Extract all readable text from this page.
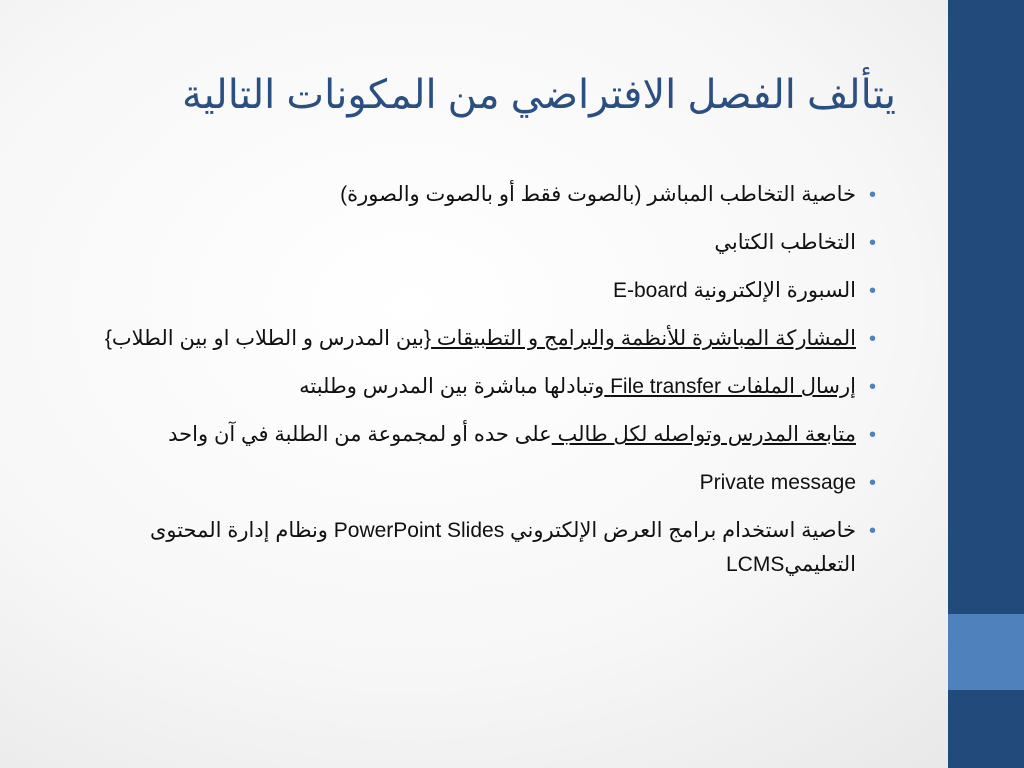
يتألف الفصل الافتراضي من المكونات التالية
• خاصية التخاطب المباشر (بالصوت فقط أو بالصوت والصورة)
• التخاطب الكتابي
• السبورة الإلكترونية E-board
• المشاركة المباشرة للأنظمة والبرامج و التطبيقات {بين المدرس و الطلاب او بين الطلاب}
• إرسال الملفات File transfer وتبادلها مباشرة بين المدرس وطلبته
• متابعة المدرس وتواصله لكل طالب على حده أو لمجموعة من الطلبة في آن واحد
• Private message
• خاصية استخدام برامج العرض الإلكتروني PowerPoint Slides ونظام إدارة المحتوى التعليميLCMS
